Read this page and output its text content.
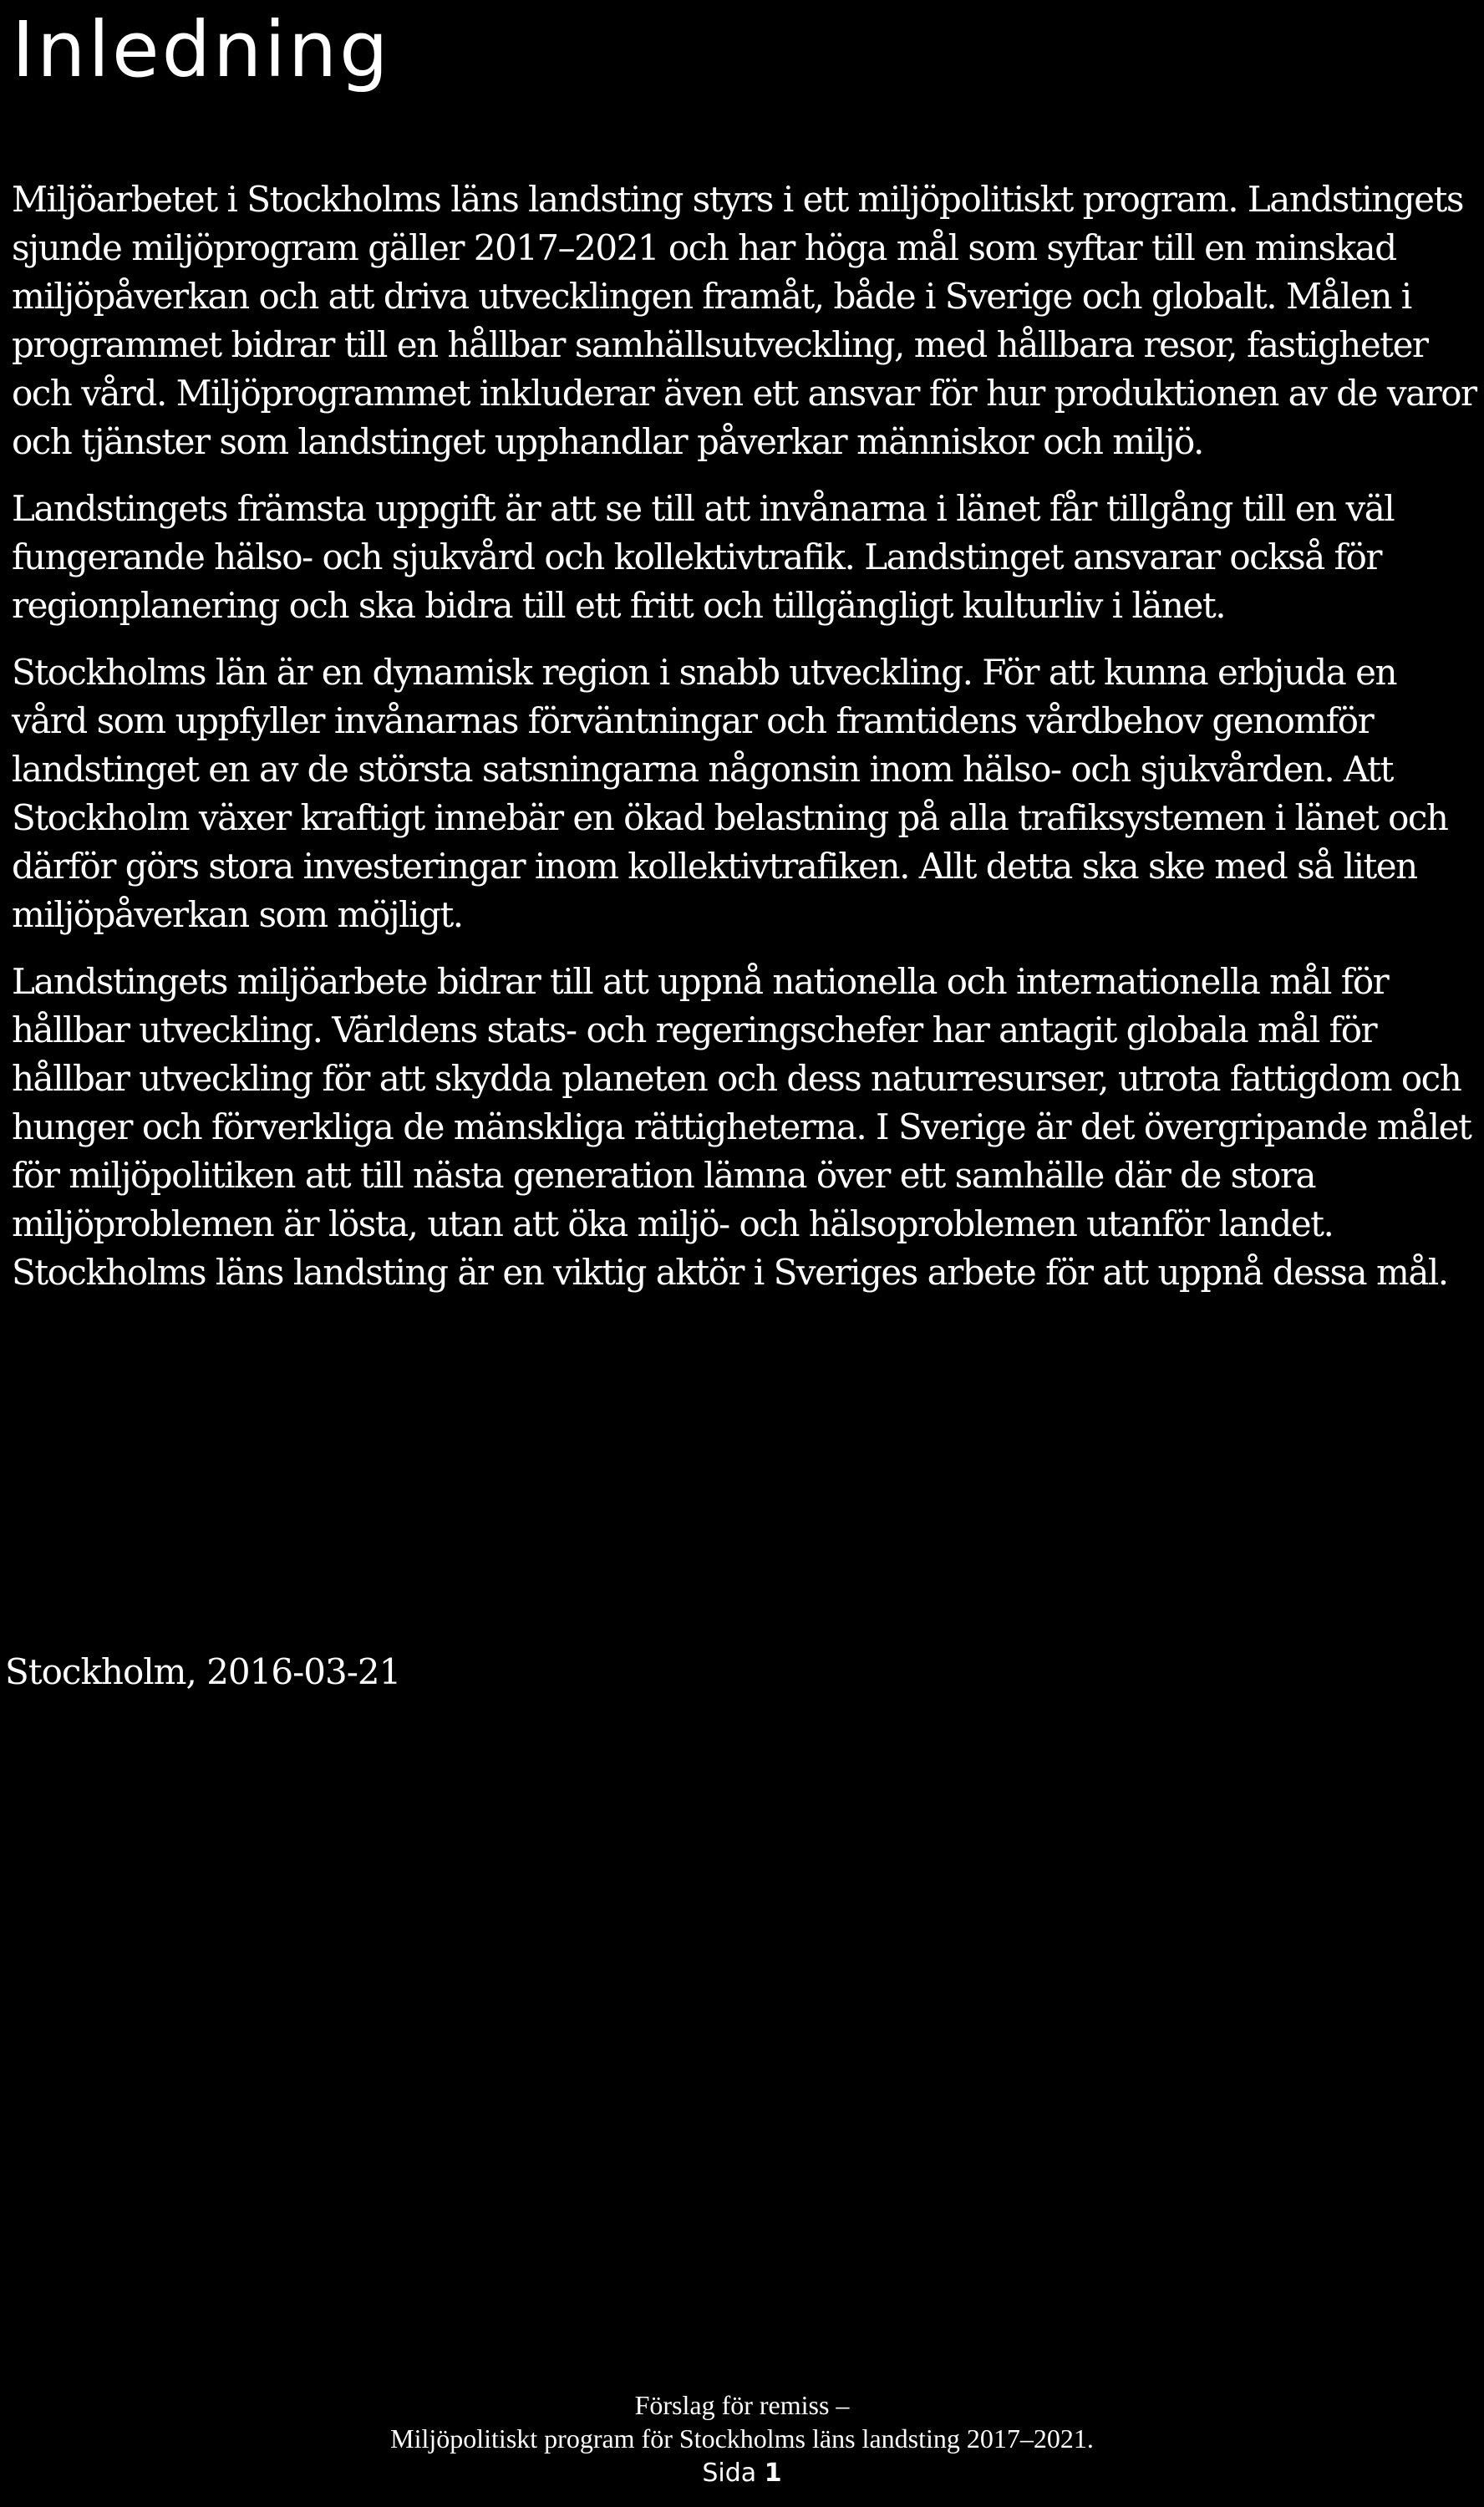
Inledning

Miljöarbetet i Stockholms läns landsting styrs i ett miljöpolitiskt program. Landstingets sjunde miljöprogram gäller 2017–2021 och har höga mål som syftar till en minskad miljöpåverkan och att driva utvecklingen framåt, både i Sverige och globalt. Målen i programmet bidrar till en hållbar samhällsutveckling, med hållbara resor, fastigheter och vård. Miljöprogrammet inkluderar även ett ansvar för hur produktionen av de varor och tjänster som landstinget upphandlar påverkar människor och miljö.

Landstingets främsta uppgift är att se till att invånarna i länet får tillgång till en väl fungerande hälso- och sjukvård och kollektivtrafik. Landstinget ansvarar också för regionplanering och ska bidra till ett fritt och tillgängligt kulturliv i länet.

Stockholms län är en dynamisk region i snabb utveckling. För att kunna erbjuda en vård som uppfyller invånarnas förväntningar och framtidens vårdbehov genomför landstinget en av de största satsningarna någonsin inom hälso- och sjukvården. Att Stockholm växer kraftigt innebär en ökad belastning på alla trafiksystemen i länet och därför görs stora investeringar inom kollektivtrafiken. Allt detta ska ske med så liten miljöpåverkan som möjligt.

Landstingets miljöarbete bidrar till att uppnå nationella och internationella mål för hållbar utveckling. Världens stats- och regeringschefer har antagit globala mål för hållbar utveckling för att skydda planeten och dess naturresurser, utrota fattigdom och hunger och förverkliga de mänskliga rättigheterna. I Sverige är det övergripande målet för miljöpolitiken att till nästa generation lämna över ett samhälle där de stora miljöproblemen är lösta, utan att öka miljö- och hälsoproblemen utanför landet. Stockholms läns landsting är en viktig aktör i Sveriges arbete för att uppnå dessa mål.

Stockholm, 2016-03-21

Förslag för remiss –
Miljöpolitiskt program för Stockholms läns landsting 2017–2021.
Sida 1
